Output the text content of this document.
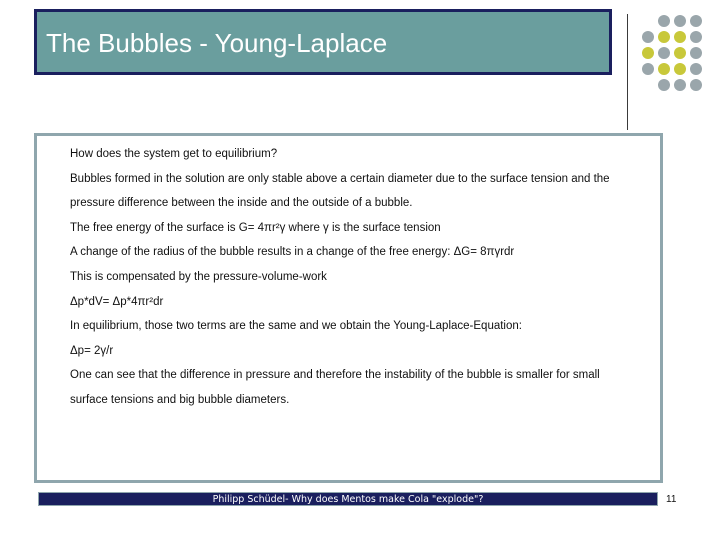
The Bubbles - Young-Laplace
How does the system get to equilibrium?
Bubbles formed in the solution are only stable above a certain diameter due to the surface tension and the
pressure difference between the inside and the outside of a bubble.
The free energy of the surface is G= 4πr²γ where γ is the surface tension
A change of the radius of the bubble results in a change of the free energy: ΔG= 8πγrdr
This is compensated by the pressure-volume-work
Δp*dV= Δp*4πr²dr
In equilibrium, those two terms are the same and we obtain the Young-Laplace-Equation:
Δp= 2γ/r
One can see that the difference in pressure and therefore the instability of the bubble is smaller for small
surface tensions and big bubble diameters.
Philipp Schüdel- Why does Mentos make Cola "explode"?	11
